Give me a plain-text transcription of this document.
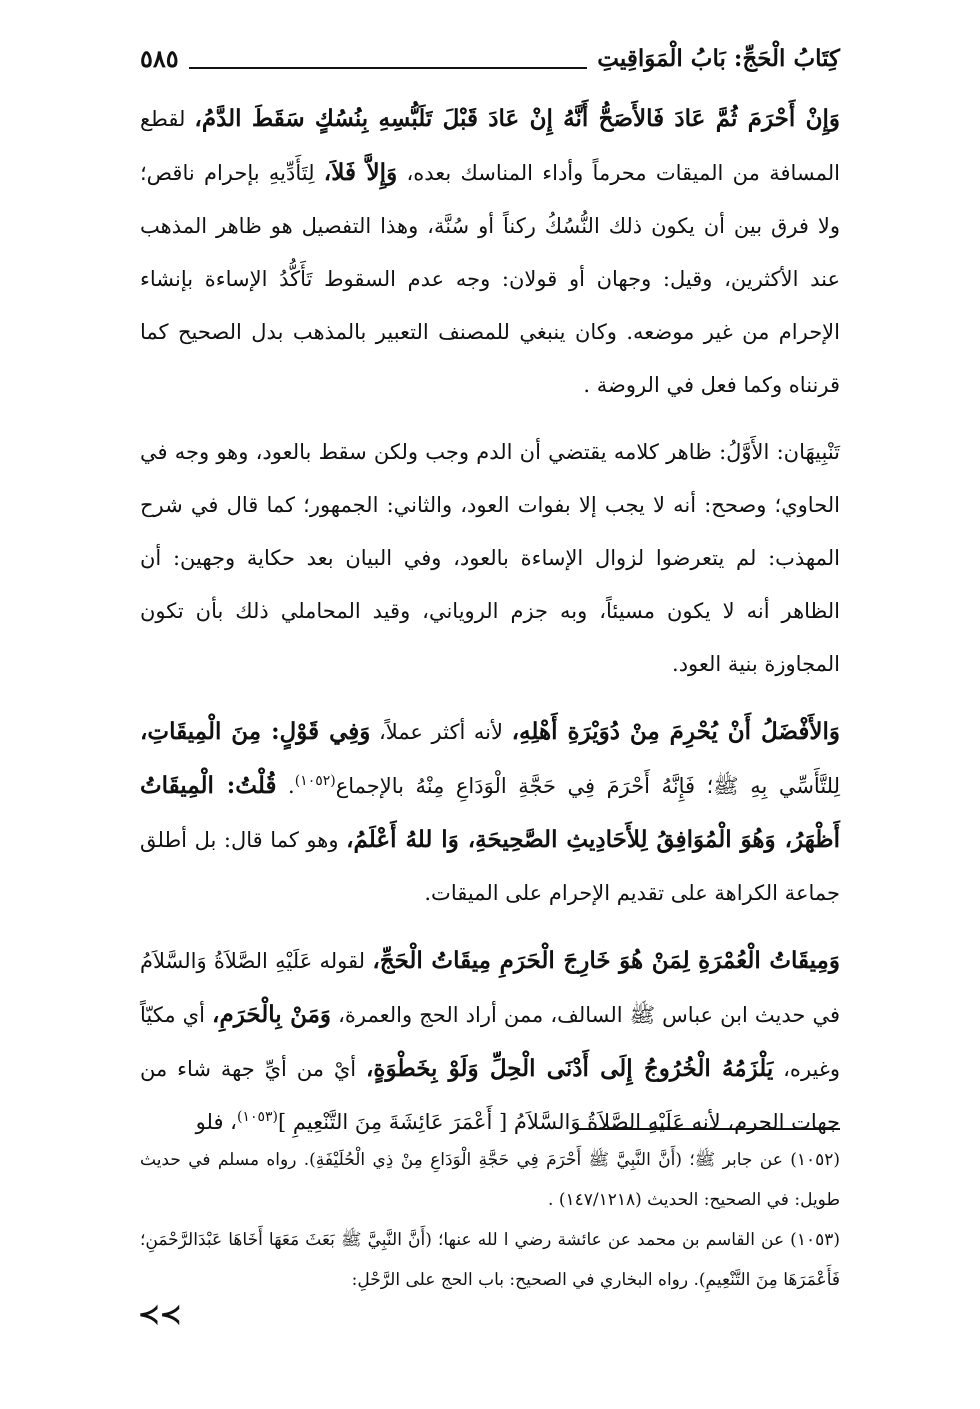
كِتَابُ الْحَجِّ: بَابُ الْمَوَاقِيتِ
٥٨٥

وَإِنْ أَحْرَمَ ثُمَّ عَادَ فَالأَصَحُّ أَنَّهُ إِنْ عَادَ قَبْلَ تَلَبُّسِهِ بِنُسُكٍ سَقَطَ الدَّمُ، لقطع المسافة من الميقات محرماً وأداء المناسك بعده، وَإِلاَّ فَلاَ، لِتَأَدِّيهِ بإحرام ناقص؛ ولا فرق بين أن يكون ذلك النُّسُكُ ركناً أو سُنَّة، وهذا التفصيل هو ظاهر المذهب عند الأكثرين، وقيل: وجهان أو قولان: وجه عدم السقوط تَأَكُّدُ الإساءة بإنشاء الإحرام من غير موضعه. وكان ينبغي للمصنف التعبير بالمذهب بدل الصحيح كما قرنناه وكما فعل في الروضة .

تَنْبِيهَان: الأَوَّلُ: ظاهر كلامه يقتضي أن الدم وجب ولكن سقط بالعود، وهو وجه في الحاوي؛ وصحح: أنه لا يجب إلا بفوات العود، والثاني: الجمهور؛ كما قال في شرح المهذب: لم يتعرضوا لزوال الإساءة بالعود، وفي البيان بعد حكاية وجهين: أن الظاهر أنه لا يكون مسيئاً، وبه جزم الروياني، وقيد المحاملي ذلك بأن تكون المجاوزة بنية العود.

وَالأَفْضَلُ أَنْ يُحْرِمَ مِنْ دُوَيْرَةِ أَهْلِهِ، لأنه أكثر عملاً، وَفِي قَوْلٍ: مِنَ الْمِيقَاتِ، لِلتَّأَسِّي بِهِ ﷺ؛ فَإِنَّهُ أَحْرَمَ فِي حَجَّةِ الْوَدَاعِ مِنْهُ بالإجماع$^{(١٠٥٢)}$. قُلْتُ: الْمِيقَاتُ أَظْهَرُ، وَهُوَ الْمُوَافِقُ لِلأَحَادِيثِ الصَّحِيحَةِ، وَا للهُ أَعْلَمُ، وهو كما قال: بل أطلق جماعة الكراهة على تقديم الإحرام على الميقات.

وَمِيقَاتُ الْعُمْرَةِ لِمَنْ هُوَ خَارِجَ الْحَرَمِ مِيقَاتُ الْحَجِّ، لقوله عَلَيْهِ الصَّلاَةُ وَالسَّلاَمُ في حديث ابن عباس ﷺ السالف، ممن أراد الحج والعمرة، وَمَنْ بِالْحَرَمِ، أي مكيّاً وغيره، يَلْزَمُهُ الْخُرُوجُ إِلَى أَدْنَى الْحِلِّ وَلَوْ بِخَطْوَةٍ، أيْ من أيِّ جهة شاء من جهات الحرم، لأنه عَلَيْهِ الصَّلاَةُ وَالسَّلاَمُ [ أَعْمَرَ عَائِشَةَ مِنَ التَّنْعِيمِ ]$^{(١٠٥٣)}$، فلو

(١٠٥٢) عن جابر ﷺ؛ (أَنَّ النَّبِيَّ ﷺ أَحْرَمَ فِي حَجَّةِ الْوَدَاعِ مِنْ ذِي الْحُلَيْفَةِ). رواه مسلم في حديث طويل: في الصحيح: الحديث (١٤٧/١٢١٨) .

(١٠٥٣) عن القاسم بن محمد عن عائشة رضي ا لله عنها؛ (أَنَّ النَّبِيَّ ﷺ بَعَثَ مَعَهَا أَخَاهَا عَبْدَالرَّحْمَنِ؛ فَأَعْمَرَهَا مِنَ التَّنْعِيمِ). رواه البخاري في الصحيح: باب الحج على الرَّحْلِ:

≺≺
